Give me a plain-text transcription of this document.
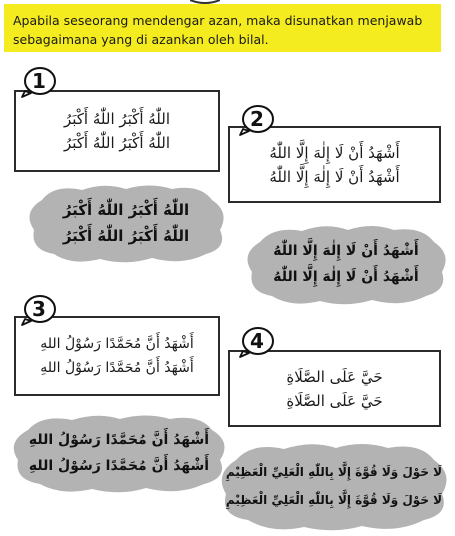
Apabila seseorang mendengar azan, maka disunatkan menjawab
sebagaimana yang di azankan oleh bilal.
اللّٰهُ أَكْبَرُ اللّٰهُ أَكْبَرُ
اللّٰهُ أَكْبَرُ اللّٰهُ أَكْبَرُ
1
اللّٰهُ أَكْبَرُ اللّٰهُ أَكْبَرُ
اللّٰهُ أَكْبَرُ اللّٰهُ أَكْبَرُ
أَشْهَدُ أَنْ لَا إِلٰهَ إِلَّا اللّٰهُ
أَشْهَدُ أَنْ لَا إِلٰهَ إِلَّا اللّٰهُ
2
أَشْهَدُ أَنْ لَا إِلٰهَ إِلَّا اللّٰهُ
أَشْهَدُ أَنْ لَا إِلٰهَ إِلَّا اللّٰهُ
أَشْهَدُ أَنَّ مُحَمَّدًا رَسُوْلُ اللهِ
أَشْهَدُ أَنَّ مُحَمَّدًا رَسُوْلُ اللهِ
3
أَشْهَدُ أَنَّ مُحَمَّدًا رَسُوْلُ اللهِ
أَشْهَدُ أَنَّ مُحَمَّدًا رَسُوْلُ اللهِ
حَيَّ عَلَى الصَّلَاةِ
حَيَّ عَلَى الصَّلَاةِ
4
لَا حَوْلَ وَلَا قُوَّةَ إِلَّا بِاللّٰهِ الْعَلِيِّ الْعَظِيْمِ
لَا حَوْلَ وَلَا قُوَّةَ إِلَّا بِاللّٰهِ الْعَلِيِّ الْعَظِيْمِ
